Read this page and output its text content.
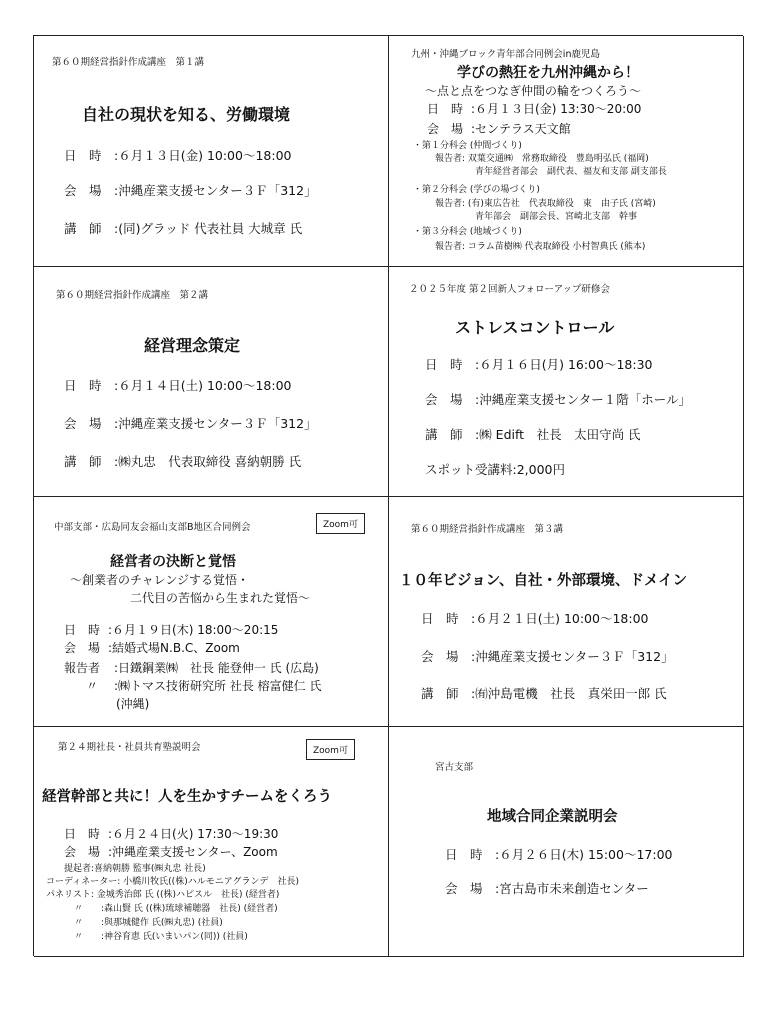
第６０期経営指針作成講座　第１講
自社の現状を知る、労働環境
日　時 :６月１３日(金) 10:00～18:00
会　場 :沖縄産業支援センター３Ｆ「312」
講　師 :(同)グラッド 代表社員 大城章 氏
九州・沖縄ブロック青年部合同例会in鹿児島
学びの熱狂を九州沖縄から！
～点と点をつなぎ仲間の輪をつくろう～
日　時 :６月１３日(金) 13:30～20:00
会　場 :センテラス天文館
・第１分科会 (仲間づくり)
報告者: 双葉交通㈱　常務取締役　豊島明弘氏 (福岡)
青年経営者部会　副代表、福友和支部 副支部長
・第２分科会 (学びの場づくり)
報告者: (有)東広告社　代表取締役　東　由子氏 (宮崎)
青年部会　副部会長、宮崎北支部　幹事
・第３分科会 (地域づくり)
報告者: コラム苗樹㈱ 代表取締役 小村智典氏 (熊本)
第６０期経営指針作成講座　第２講
経営理念策定
日　時 :６月１４日(土) 10:00～18:00
会　場 :沖縄産業支援センター３Ｆ「312」
講　師 :㈱丸忠　代表取締役 喜納朝勝 氏
２０２５年度 第２回新人フォローアップ研修会
ストレスコントロール
日　時 :６月１６日(月) 16:00～18:30
会　場 :沖縄産業支援センター１階「ホール」
講　師 :㈱ Edift　社長　太田守尚 氏
スポット受講料:2,000円
中部支部・広島同友会福山支部B地区合同例会	Zoom可
経営者の決断と覚悟
～創業者のチャレンジする覚悟・
二代目の苦悩から生まれた覚悟～
日　時 :６月１９日(木) 18:00～20:15
会　場 :結婚式場N.B.C、Zoom
報告者 :日鐵鋼業㈱　社長 能登伸一 氏 (広島)
〃 :㈱トマス技術研究所 社長 榕富健仁 氏
(沖縄)
第６０期経営指針作成講座　第３講
１０年ビジョン、自社・外部環境、ドメイン
日　時 :６月２１日(土) 10:00～18:00
会　場 :沖縄産業支援センター３Ｆ「312」
講　師 :㈲沖島電機　社長　真栄田一郎 氏
第２４期社長・社員共育塾説明会	Zoom可
経営幹部と共に！人を生かすチームをくろう
日　時 :６月２４日(火) 17:30～19:30
会　場 :沖縄産業支援センター、Zoom
提起者:喜納朝勝 監事(㈱丸忠 社長)
コーディネーター: 小橋川牧氏((株)ハルモニアグランデ　社長)
パネリスト: 金城秀治郎 氏 ((株)ハピスル　社長) (経営者)
〃　　:森山賢 氏 ((株)琉球補聴器　社長) (経営者)
〃　　:與那城健作 氏(㈱丸忠) (社員)
〃　　:神谷育恵 氏(いまいパン(同)) (社員)
宮古支部
地域合同企業説明会
日　時 :６月２６日(木) 15:00～17:00
会　場 :宮古島市未来創造センター
